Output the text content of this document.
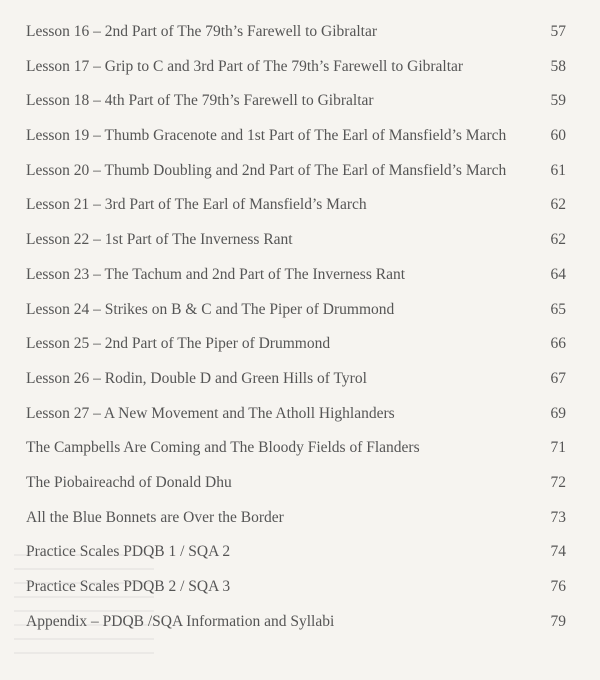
Lesson 16 – 2nd Part of The 79th’s Farewell to Gibraltar	57
Lesson 17 – Grip to C and 3rd Part of The 79th’s Farewell to Gibraltar	58
Lesson 18 – 4th Part of The 79th’s Farewell to Gibraltar	59
Lesson 19 – Thumb Gracenote and 1st Part of The Earl of Mansfield’s March	60
Lesson 20 – Thumb Doubling and 2nd Part of The Earl of Mansfield’s March	61
Lesson 21 – 3rd Part of The Earl of Mansfield’s March	62
Lesson 22 – 1st Part of The Inverness Rant	62
Lesson 23 – The Tachum and 2nd Part of The Inverness Rant	64
Lesson 24 – Strikes on B & C and The Piper of Drummond	65
Lesson 25 – 2nd Part of The Piper of Drummond	66
Lesson 26 – Rodin, Double D and Green Hills of Tyrol	67
Lesson 27 – A New Movement and The Atholl Highlanders	69
The Campbells Are Coming and The Bloody Fields of Flanders	71
The Piobaireachd of Donald Dhu	72
All the Blue Bonnets are Over the Border	73
Practice Scales PDQB 1 / SQA 2	74
Practice Scales PDQB 2 / SQA 3	76
Appendix – PDQB /SQA Information and Syllabi	79
